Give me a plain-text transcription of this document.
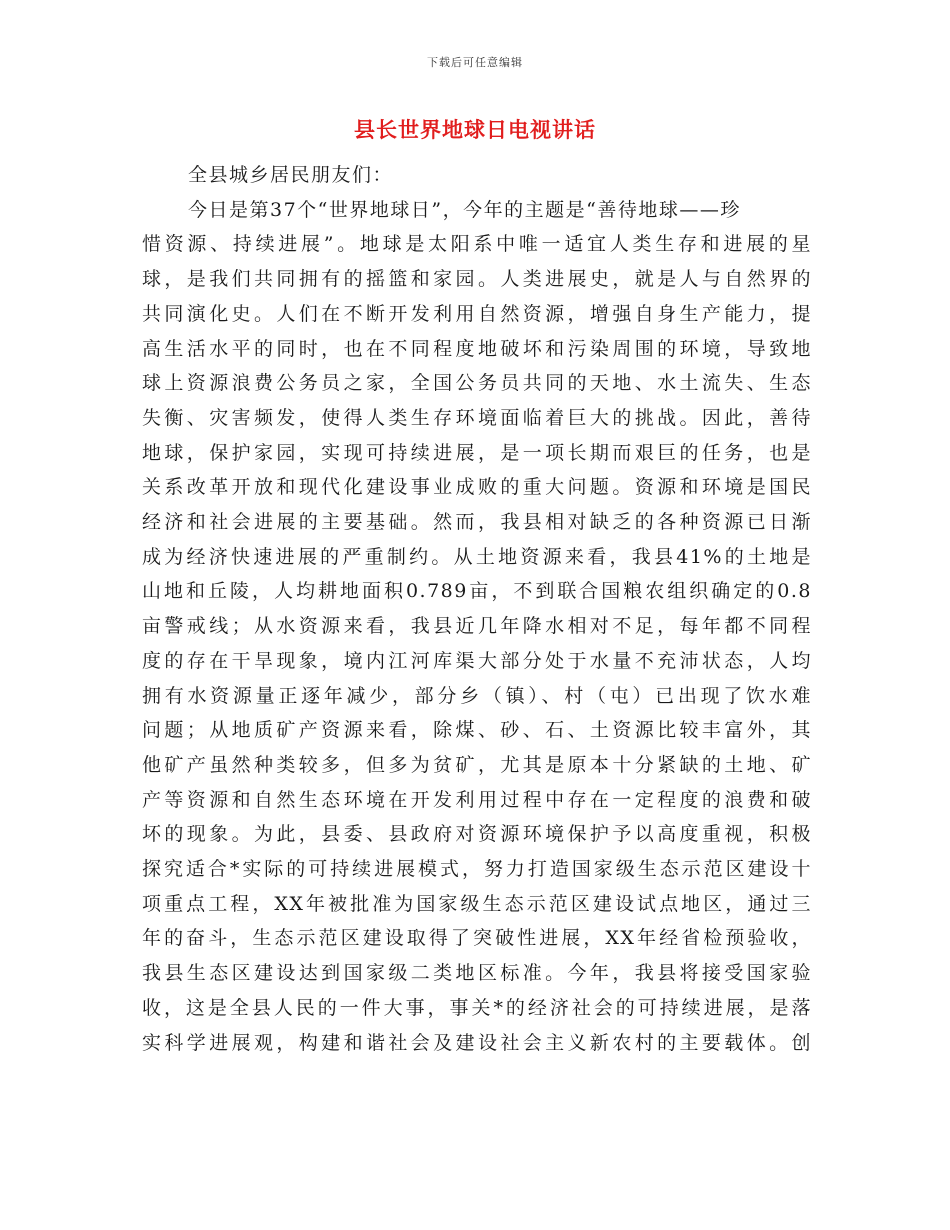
下载后可任意编辑
县长世界地球日电视讲话
全县城乡居民朋友们：
今日是第37个“世界地球日”，今年的主题是“善待地球——珍
惜资源、持续进展”。地球是太阳系中唯一适宜人类生存和进展的星
球，是我们共同拥有的摇篮和家园。人类进展史，就是人与自然界的
共同演化史。人们在不断开发利用自然资源，增强自身生产能力，提
高生活水平的同时，也在不同程度地破坏和污染周围的环境，导致地
球上资源浪费公务员之家，全国公务员共同的天地、水土流失、生态
失衡、灾害频发，使得人类生存环境面临着巨大的挑战。因此，善待
地球，保护家园，实现可持续进展，是一项长期而艰巨的任务，也是
关系改革开放和现代化建设事业成败的重大问题。资源和环境是国民
经济和社会进展的主要基础。然而，我县相对缺乏的各种资源已日渐
成为经济快速进展的严重制约。从土地资源来看，我县41%的土地是
山地和丘陵，人均耕地面积0.789亩，不到联合国粮农组织确定的0.8
亩警戒线；从水资源来看，我县近几年降水相对不足，每年都不同程
度的存在干旱现象，境内江河库渠大部分处于水量不充沛状态，人均
拥有水资源量正逐年减少，部分乡（镇）、村（屯）已出现了饮水难
问题；从地质矿产资源来看，除煤、砂、石、土资源比较丰富外，其
他矿产虽然种类较多，但多为贫矿，尤其是原本十分紧缺的土地、矿
产等资源和自然生态环境在开发利用过程中存在一定程度的浪费和破
坏的现象。为此，县委、县政府对资源环境保护予以高度重视，积极
探究适合*实际的可持续进展模式，努力打造国家级生态示范区建设十
项重点工程，XX年被批准为国家级生态示范区建设试点地区，通过三
年的奋斗，生态示范区建设取得了突破性进展，XX年经省检预验收，
我县生态区建设达到国家级二类地区标准。今年，我县将接受国家验
收，这是全县人民的一件大事，事关*的经济社会的可持续进展，是落
实科学进展观，构建和谐社会及建设社会主义新农村的主要载体。创
